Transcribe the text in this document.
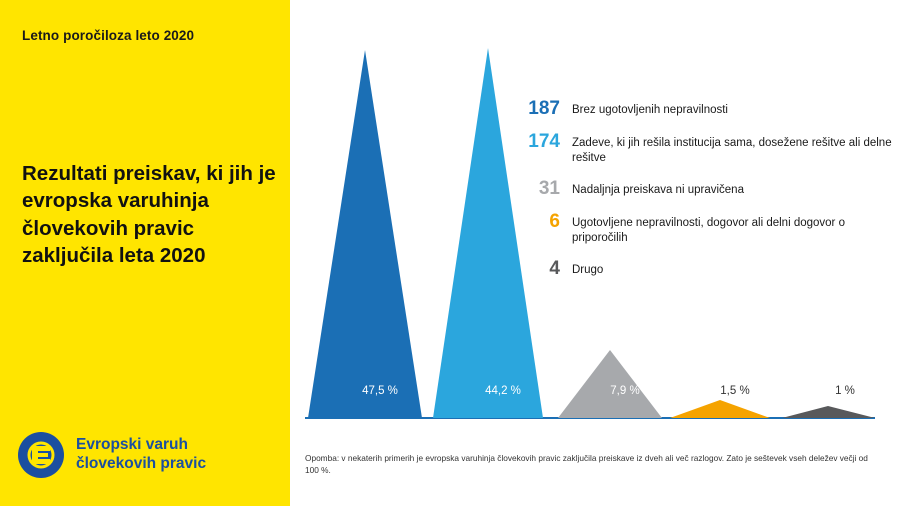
Letno poročiloza leto 2020
Rezultati preiskav, ki jih je evropska varuhinja človekovih pravic zaključila leta 2020
Evropski varuh
človekovih pravic
47,5 %	44,2 %	7,9 %	1,5 %	1 %
187 Brez ugotovljenih nepravilnosti
174 Zadeve, ki jih rešila institucija sama, dosežene rešitve ali delne rešitve
31 Nadaljnja preiskava ni upravičena
6 Ugotovljene nepravilnosti, dogovor ali delni dogovor o priporočilih
4 Drugo
Opomba: v nekaterih primerih je evropska varuhinja človekovih pravic zaključila preiskave iz dveh ali več razlogov. Zato je seštevek vseh deležev večji od 100 %.
